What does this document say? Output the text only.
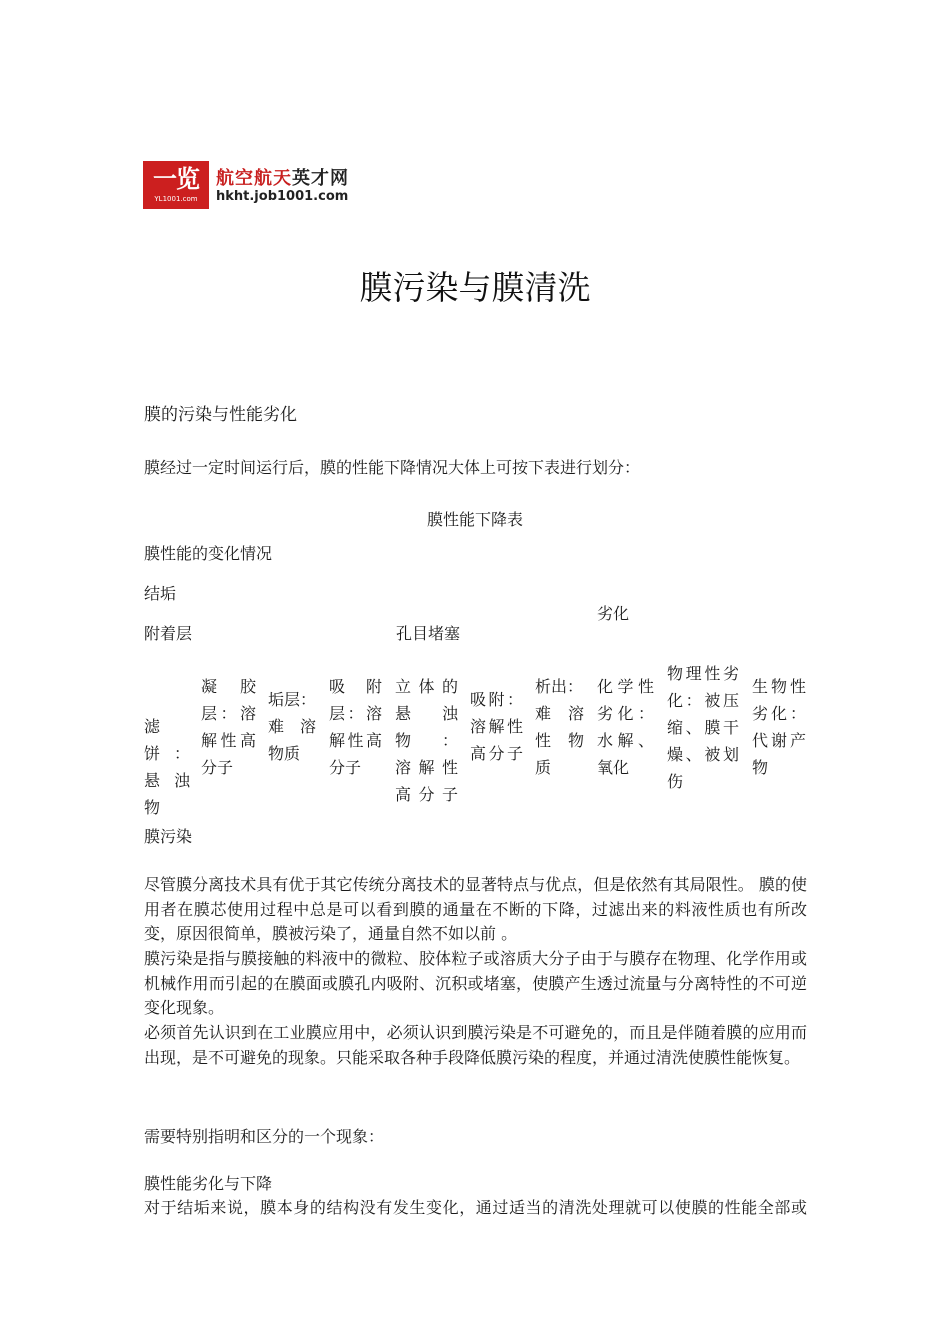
一览
YL1001.com
航空航天英才网
hkht.job1001.com
膜污染与膜清洗
膜的污染与性能劣化
膜经过一定时间运行后，膜的性能下降情况大体上可按下表进行划分：
膜性能下降表
膜性能的变化情况
结垢
劣化
附着层	孔目堵塞
滤饼：
悬浊
物
凝胶
层：溶
解性高
分子
垢层：
难溶
物质
吸附
层：溶
解性高
分子
立体的
悬浊物：
溶解性
高分子
吸附：
溶解性
高分子
析出：
难溶
性物
质
化学性
劣化：
水解、
氧化
物理性劣
化：被压
缩、膜干
燥、被划
伤
生物性
劣化：
代谢产
物
膜污染
尽管膜分离技术具有优于其它传统分离技术的显著特点与优点，但是依然有其局限性。 膜的使用者在膜芯使用过程中总是可以看到膜的通量在不断的下降，过滤出来的料液性质也有所改变，原因很简单，膜被污染了，通量自然不如以前 。
膜污染是指与膜接触的料液中的微粒、胶体粒子或溶质大分子由于与膜存在物理、化学作用或机械作用而引起的在膜面或膜孔内吸附、沉积或堵塞，使膜产生透过流量与分离特性的不可逆变化现象。
必须首先认识到在工业膜应用中，必须认识到膜污染是不可避免的，而且是伴随着膜的应用而出现，是不可避免的现象。只能采取各种手段降低膜污染的程度，并通过清洗使膜性能恢复。
需要特别指明和区分的一个现象：
膜性能劣化与下降
对于结垢来说，膜本身的结构没有发生变化，通过适当的清洗处理就可以使膜的性能全部或
